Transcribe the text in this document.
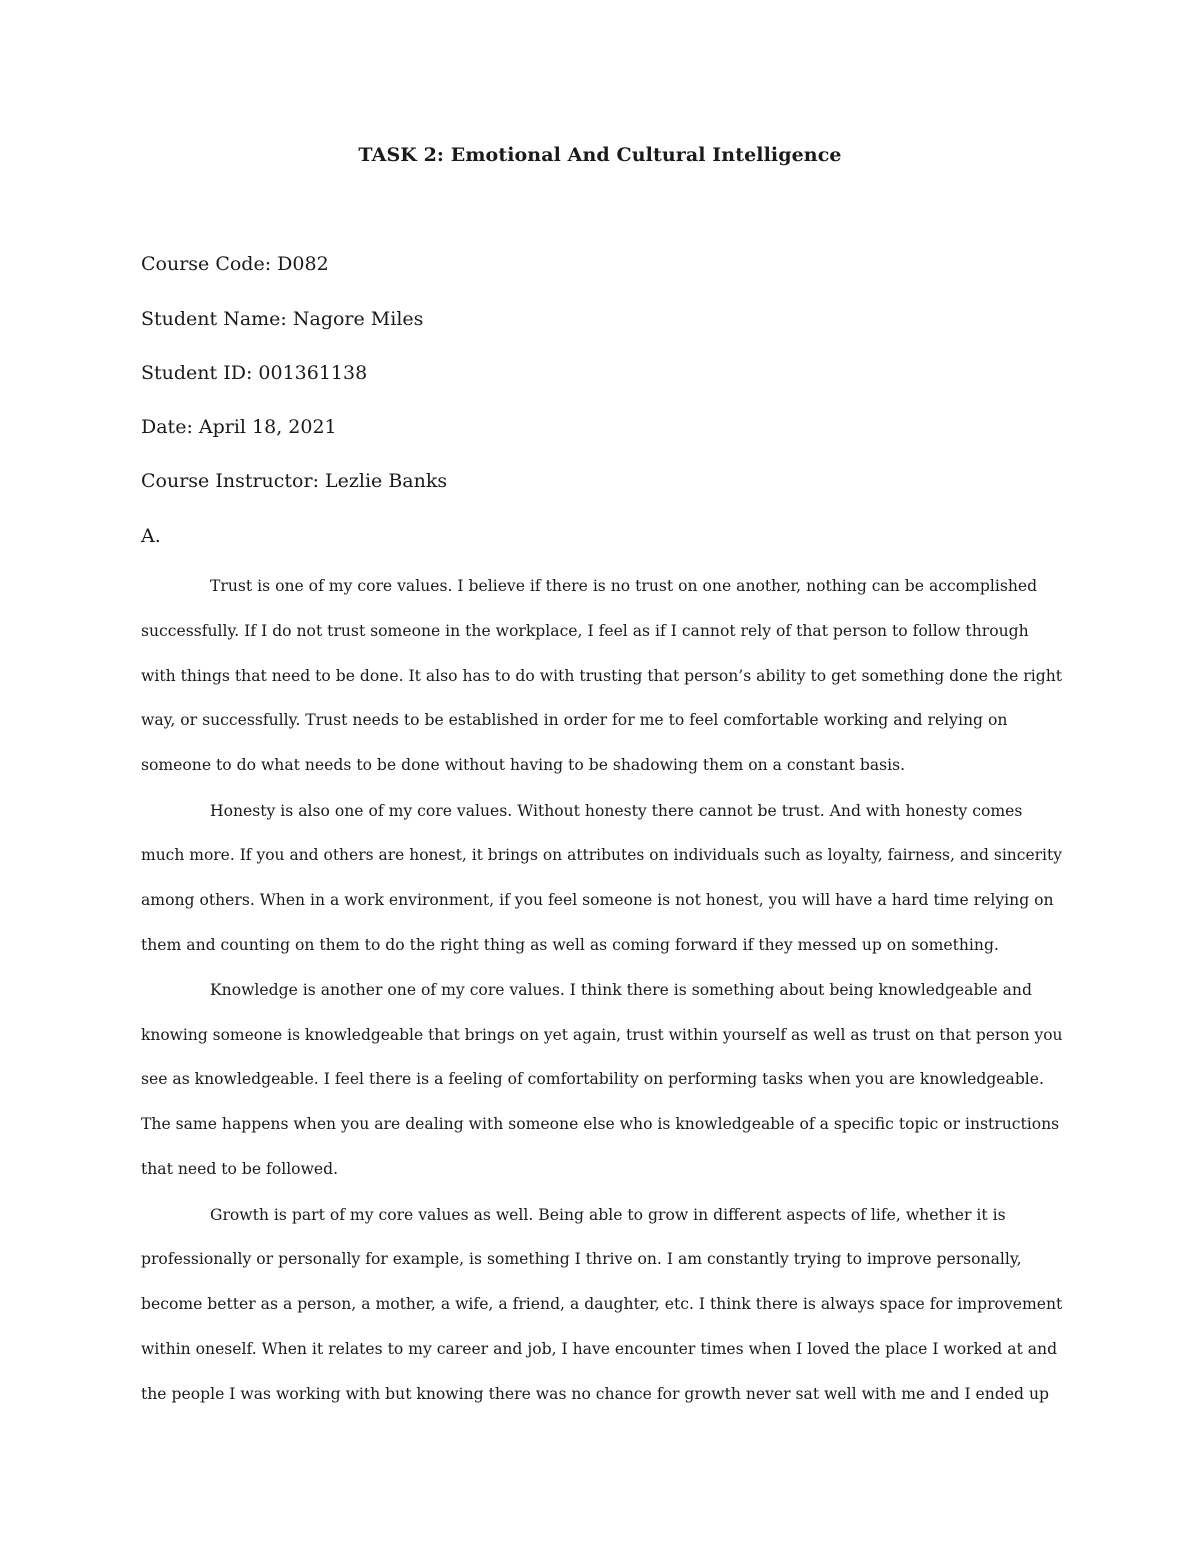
TASK 2: Emotional And Cultural Intelligence
Course Code: D082
Student Name: Nagore Miles
Student ID: 001361138
Date: April 18, 2021
Course Instructor: Lezlie Banks
A.
Trust is one of my core values. I believe if there is no trust on one another, nothing can be accomplished
successfully. If I do not trust someone in the workplace, I feel as if I cannot rely of that person to follow through
with things that need to be done. It also has to do with trusting that person’s ability to get something done the right
way, or successfully. Trust needs to be established in order for me to feel comfortable working and relying on
someone to do what needs to be done without having to be shadowing them on a constant basis.
Honesty is also one of my core values. Without honesty there cannot be trust. And with honesty comes
much more. If you and others are honest, it brings on attributes on individuals such as loyalty, fairness, and sincerity
among others. When in a work environment, if you feel someone is not honest, you will have a hard time relying on
them and counting on them to do the right thing as well as coming forward if they messed up on something.
Knowledge is another one of my core values. I think there is something about being knowledgeable and
knowing someone is knowledgeable that brings on yet again, trust within yourself as well as trust on that person you
see as knowledgeable. I feel there is a feeling of comfortability on performing tasks when you are knowledgeable.
The same happens when you are dealing with someone else who is knowledgeable of a specific topic or instructions
that need to be followed.
Growth is part of my core values as well. Being able to grow in different aspects of life, whether it is
professionally or personally for example, is something I thrive on. I am constantly trying to improve personally,
become better as a person, a mother, a wife, a friend, a daughter, etc. I think there is always space for improvement
within oneself. When it relates to my career and job, I have encounter times when I loved the place I worked at and
the people I was working with but knowing there was no chance for growth never sat well with me and I ended up
